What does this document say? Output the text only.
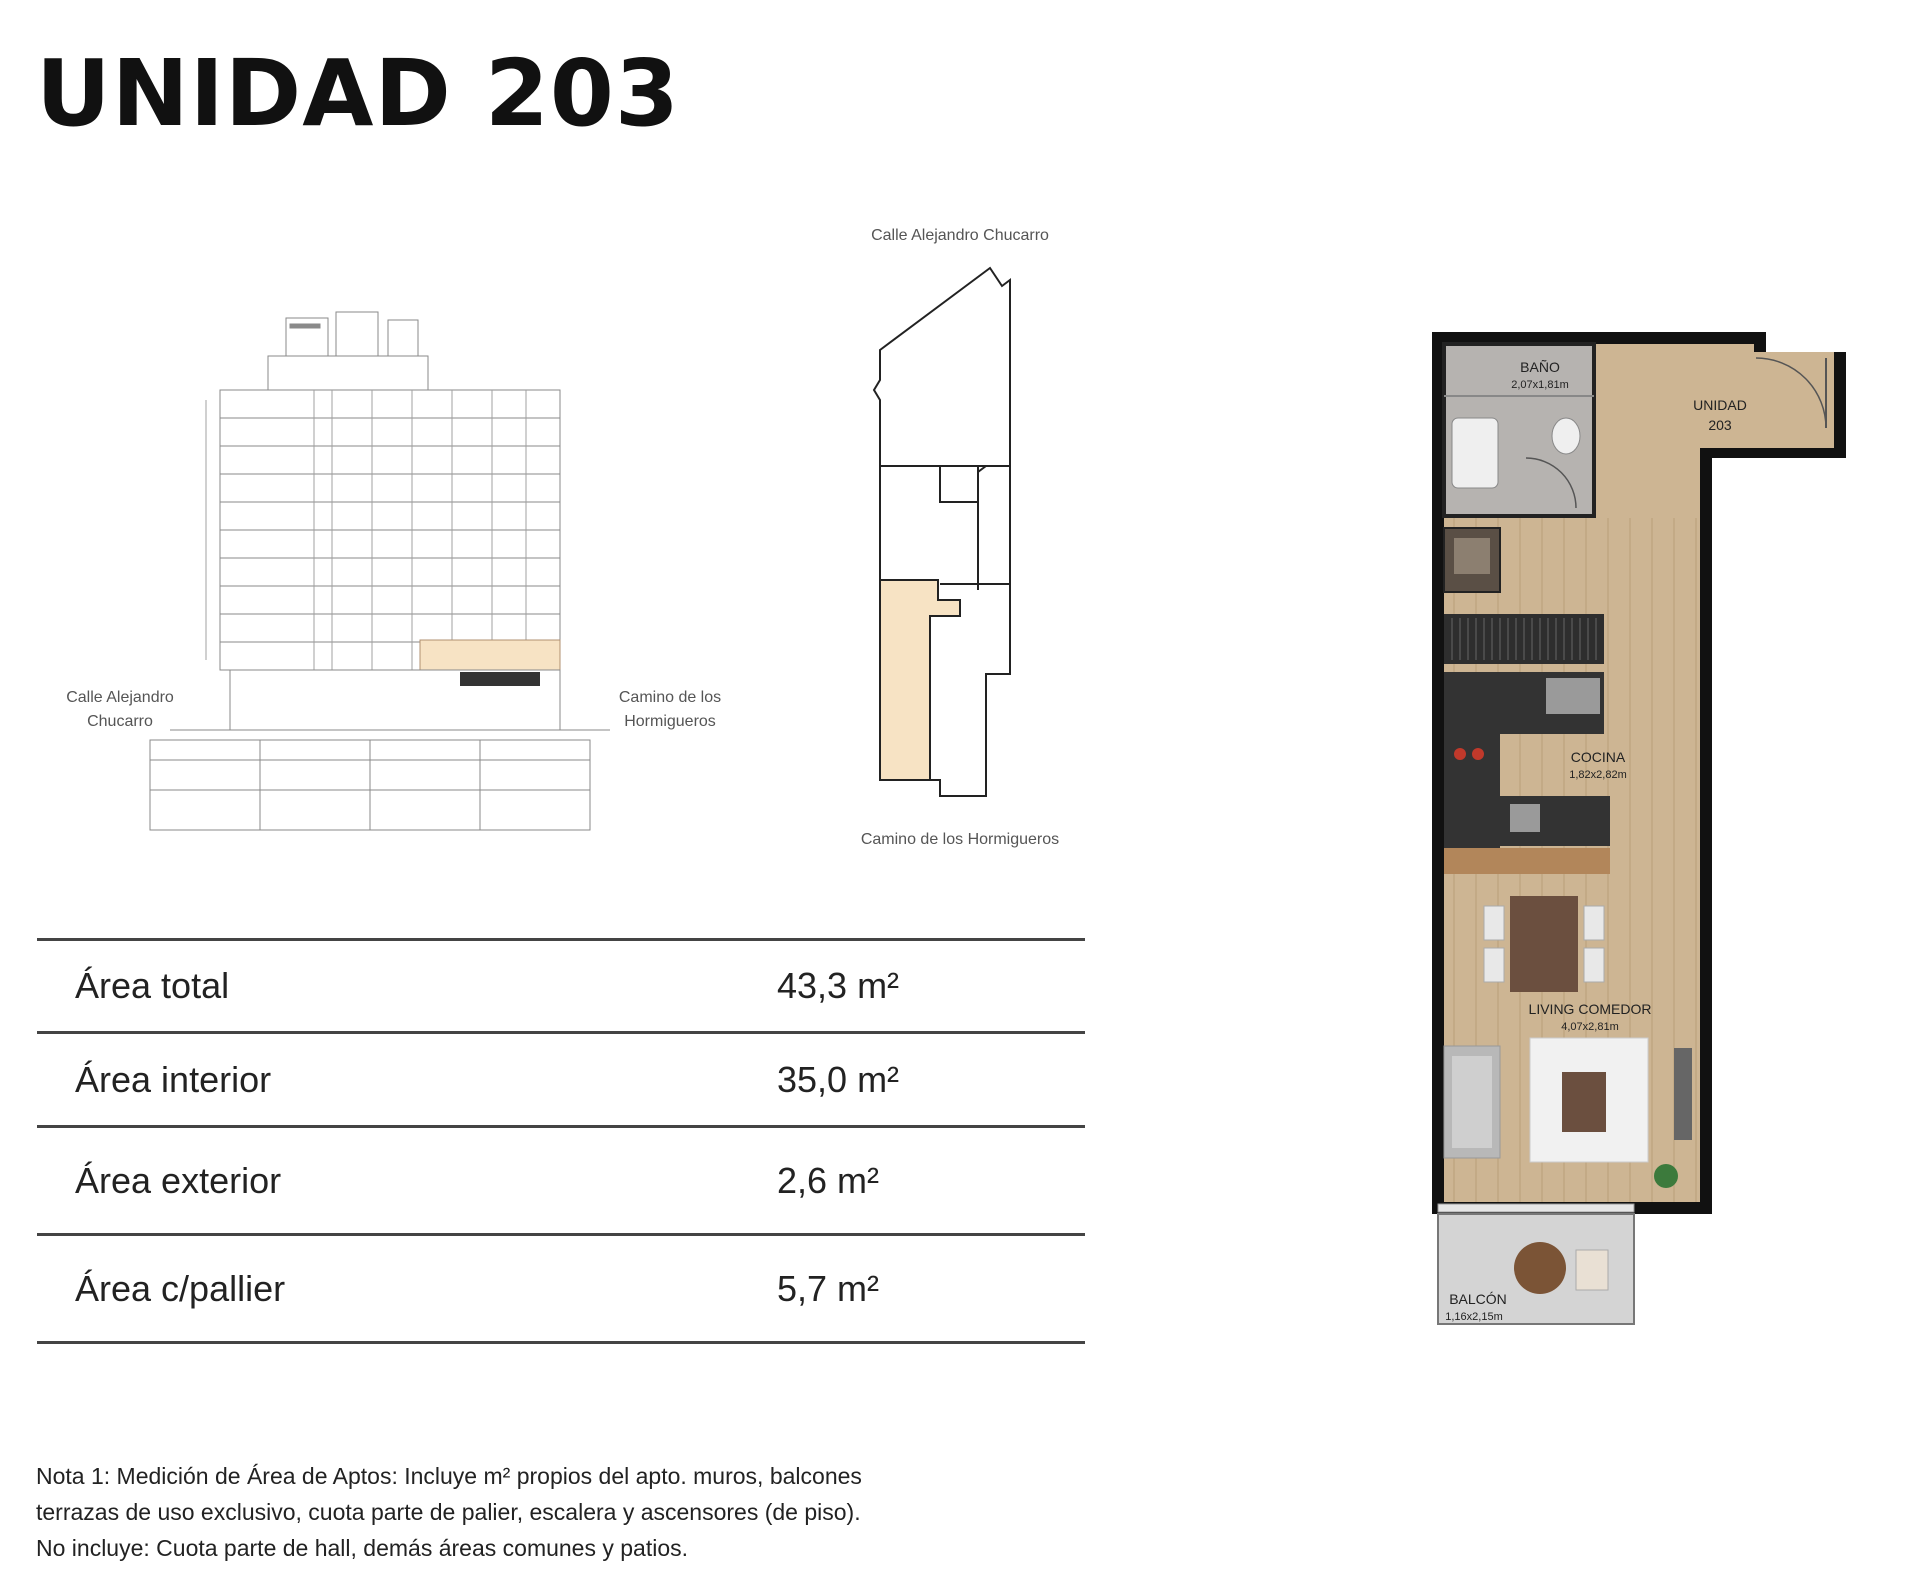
UNIDAD 203
Calle Alejandro
Chucarro
Camino de los
Hormigueros
Calle Alejandro Chucarro
Camino de los Hormigueros
BAÑO
2,07x1,81m
UNIDAD
203
COCINA
1,82x2,82m
LIVING COMEDOR
4,07x2,81m
BALCÓN
1,16x2,15m
Área total	43,3 m²
Área interior	35,0 m²
Área exterior	2,6 m²
Área c/pallier	5,7 m²
Nota 1: Medición de Área de Aptos: Incluye m² propios del apto. muros, balcones
terrazas de uso exclusivo, cuota parte de palier, escalera y ascensores (de piso).
No incluye: Cuota parte de hall, demás áreas comunes y patios.
